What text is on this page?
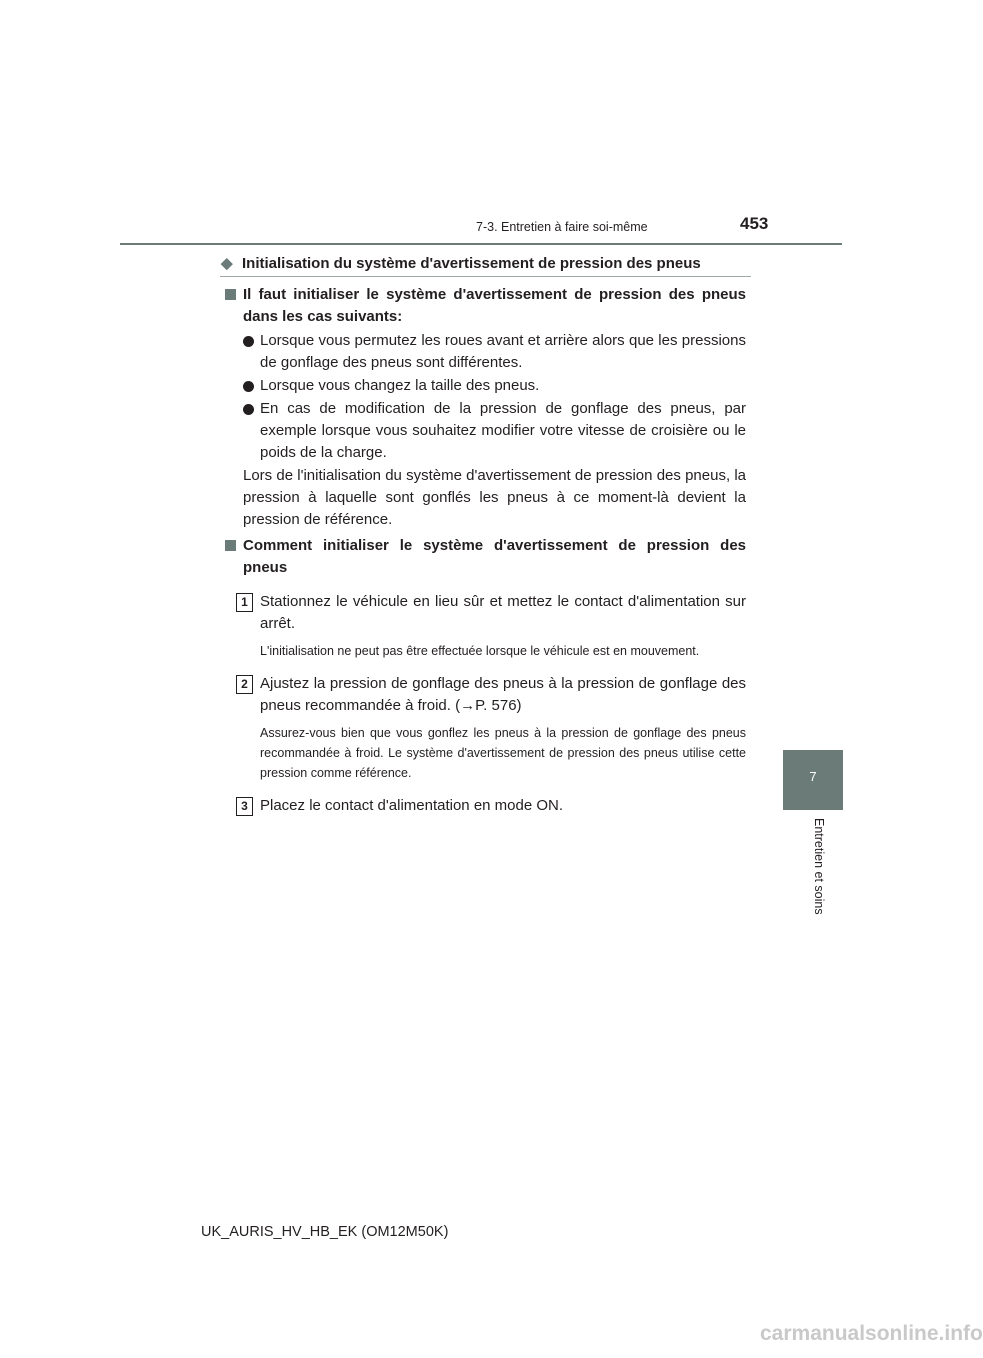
7-3. Entretien à faire soi-même	453
7
Entretien et soins
◆ Initialisation du système d'avertissement de pression des pneus
Il faut initialiser le système d'avertissement de pression des pneus dans les cas suivants:
Lorsque vous permutez les roues avant et arrière alors que les pressions de gonflage des pneus sont différentes.
Lorsque vous changez la taille des pneus.
En cas de modification de la pression de gonflage des pneus, par exemple lorsque vous souhaitez modifier votre vitesse de croisière ou le poids de la charge.
Lors de l'initialisation du système d'avertissement de pression des pneus, la pression à laquelle sont gonflés les pneus à ce moment-là devient la pression de référence.
Comment initialiser le système d'avertissement de pression des pneus
1 Stationnez le véhicule en lieu sûr et mettez le contact d'alimentation sur arrêt.
L'initialisation ne peut pas être effectuée lorsque le véhicule est en mouvement.
2 Ajustez la pression de gonflage des pneus à la pression de gonflage des pneus recommandée à froid. (→P. 576)
Assurez-vous bien que vous gonflez les pneus à la pression de gonflage des pneus recommandée à froid. Le système d'avertissement de pression des pneus utilise cette pression comme référence.
3 Placez le contact d'alimentation en mode ON.
UK_AURIS_HV_HB_EK (OM12M50K)
carmanualsonline.info
